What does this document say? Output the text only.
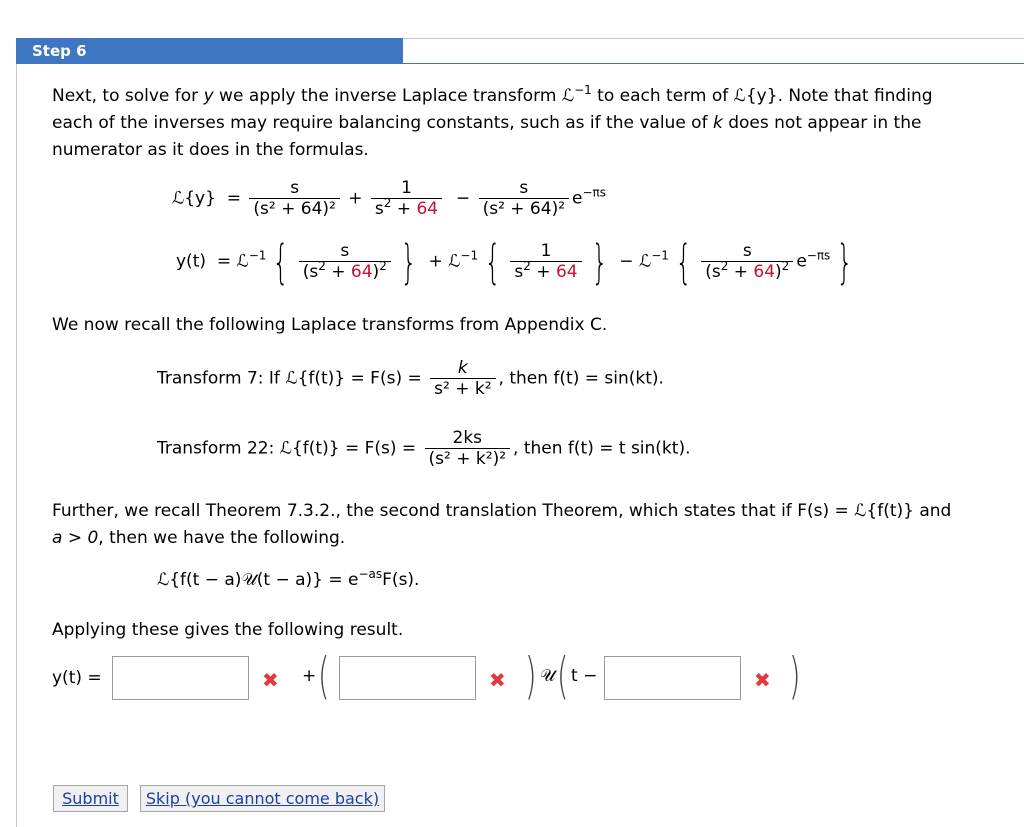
Step 6
Next, to solve for y we apply the inverse Laplace transform ℒ$^{-1}$ to each term of ℒ{y}. Note that finding
each of the inverses may require balancing constants, such as if the value of k does not appear in the
numerator as it does in the formulas.
ℒ{y} = $\frac{s}{\text{(s² + 64)²}} + \frac{1}{s^2 + 64} - \frac{s}{\text{(s² + 64)²}} e^{-\pi s}$
y(t) = ℒ$^{-1}$ { $\frac{s}{(s^2 + 64)^2}$ } + ℒ$^{-1}$ { $\frac{1}{s^2 + 64}$ } − ℒ$^{-1}$ { $\frac{s}{(s^2 + 64)^2} e^{-\pi s}$ }
We now recall the following Laplace transforms from Appendix C.
Transform 7: If ℒ{f(t)} = $F(s) = \frac{k}{\text{s² + k²}}$ , then f(t) = sin(kt).
Transform 22: ℒ{f(t)} = $F(s) = \frac{2ks}{\text{(s² + k²)²}}$ , then f(t) = t sin(kt).
Further, we recall Theorem 7.3.2., the second translation Theorem, which states that if F(s) = ℒ{f(t)} and
a > 0, then we have the following.
ℒ{f(t − a)𝒰(t − $a)\} = e^{-as}F(s)$.
Applying these gives the following result.
y(t) =	✖ + (	✖ ) 𝒰 ( t −	✖ )
Submit	Skip (you cannot come back)
